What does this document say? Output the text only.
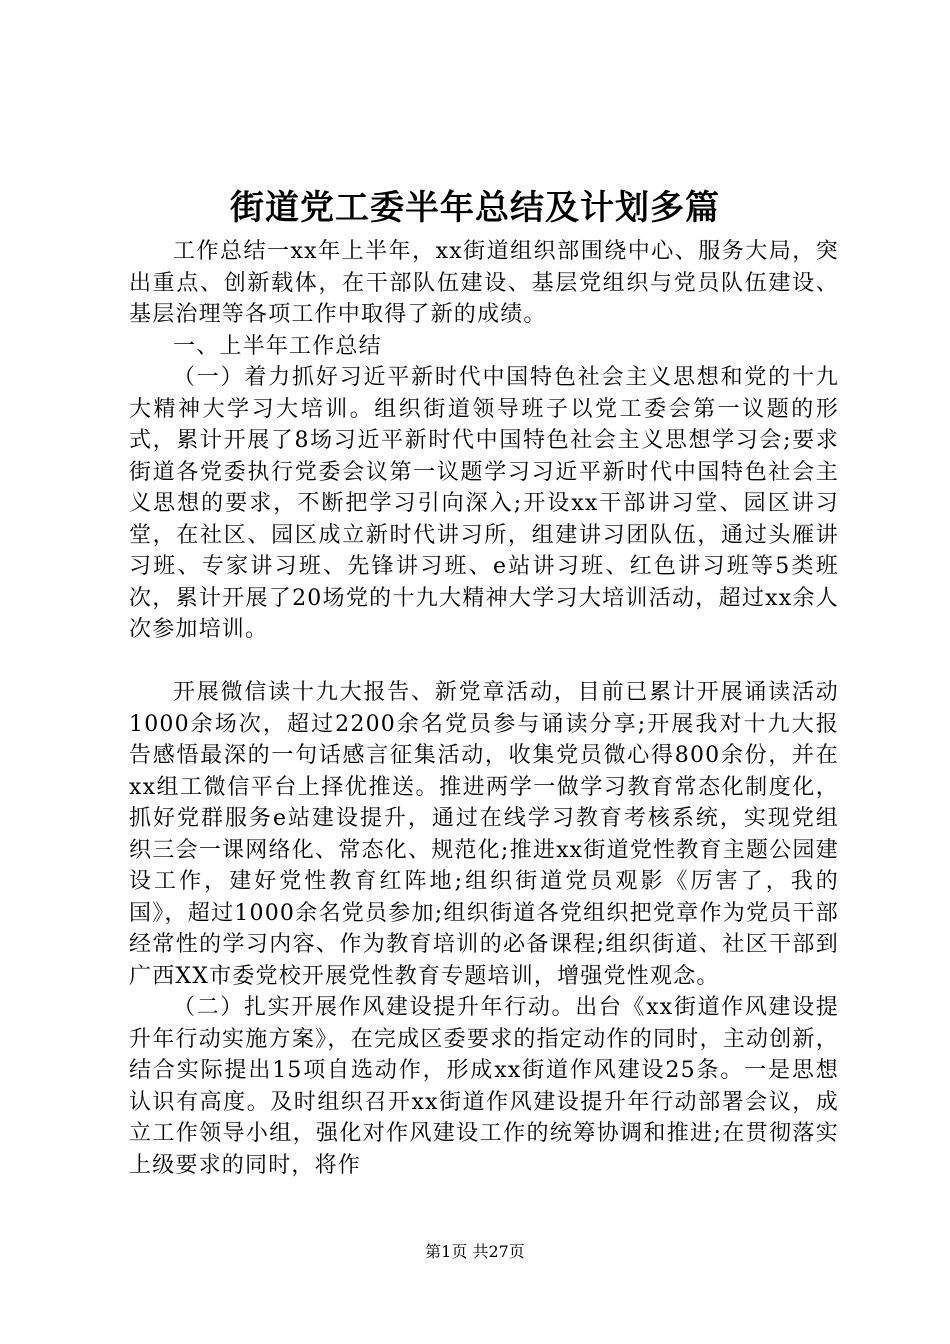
街道党工委半年总结及计划多篇

工作总结一xx年上半年，xx街道组织部围绕中心、服务大局，突出重点、创新载体，在干部队伍建设、基层党组织与党员队伍建设、基层治理等各项工作中取得了新的成绩。

一、上半年工作总结

（一）着力抓好习近平新时代中国特色社会主义思想和党的十九大精神大学习大培训。组织街道领导班子以党工委会第一议题的形式，累计开展了8场习近平新时代中国特色社会主义思想学习会;要求街道各党委执行党委会议第一议题学习习近平新时代中国特色社会主义思想的要求，不断把学习引向深入;开设xx干部讲习堂、园区讲习堂，在社区、园区成立新时代讲习所，组建讲习团队伍，通过头雁讲习班、专家讲习班、先锋讲习班、e站讲习班、红色讲习班等5类班次，累计开展了20场党的十九大精神大学习大培训活动，超过xx余人次参加培训。

开展微信读十九大报告、新党章活动，目前已累计开展诵读活动1000余场次，超过2200余名党员参与诵读分享;开展我对十九大报告感悟最深的一句话感言征集活动，收集党员微心得800余份，并在xx组工微信平台上择优推送。推进两学一做学习教育常态化制度化，抓好党群服务e站建设提升，通过在线学习教育考核系统，实现党组织三会一课网络化、常态化、规范化;推进xx街道党性教育主题公园建设工作，建好党性教育红阵地;组织街道党员观影《厉害了，我的国》，超过1000余名党员参加;组织街道各党组织把党章作为党员干部经常性的学习内容、作为教育培训的必备课程;组织街道、社区干部到广西XX市委党校开展党性教育专题培训，增强党性观念。

（二）扎实开展作风建设提升年行动。出台《xx街道作风建设提升年行动实施方案》，在完成区委要求的指定动作的同时，主动创新，结合实际提出15项自选动作，形成xx街道作风建设25条。一是思想认识有高度。及时组织召开xx街道作风建设提升年行动部署会议，成立工作领导小组，强化对作风建设工作的统筹协调和推进;在贯彻落实上级要求的同时，将作

第1页 共27页
